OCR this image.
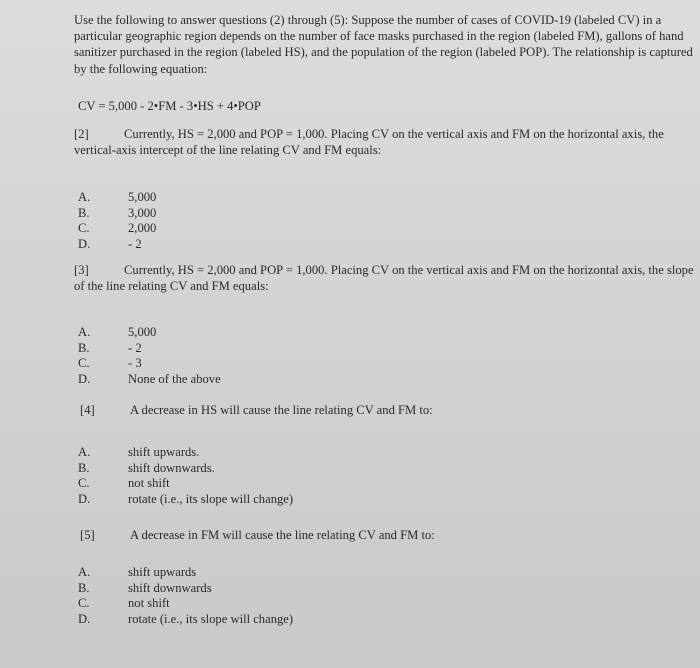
Use the following to answer questions (2) through (5): Suppose the number of cases of COVID-19 (labeled CV) in a particular geographic region depends on the number of face masks purchased in the region (labeled FM), gallons of hand sanitizer purchased in the region (labeled HS), and the population of the region (labeled POP). The relationship is captured by the following equation:
CV = 5,000 - 2•FM - 3•HS + 4•POP
[2]	Currently, HS = 2,000 and POP = 1,000. Placing CV on the vertical axis and FM on the horizontal axis, the vertical-axis intercept of the line relating CV and FM equals:
A.	5,000
B.	3,000
C.	2,000
D.	- 2
[3]	Currently, HS = 2,000 and POP = 1,000. Placing CV on the vertical axis and FM on the horizontal axis, the slope of the line relating CV and FM equals:
A.	5,000
B.	- 2
C.	- 3
D.	None of the above
[4]	A decrease in HS will cause the line relating CV and FM to:
A.	shift upwards.
B.	shift downwards.
C.	not shift
D.	rotate (i.e., its slope will change)
[5]	A decrease in FM will cause the line relating CV and FM to:
A.	shift upwards
B.	shift downwards
C.	not shift
D.	rotate (i.e., its slope will change)
